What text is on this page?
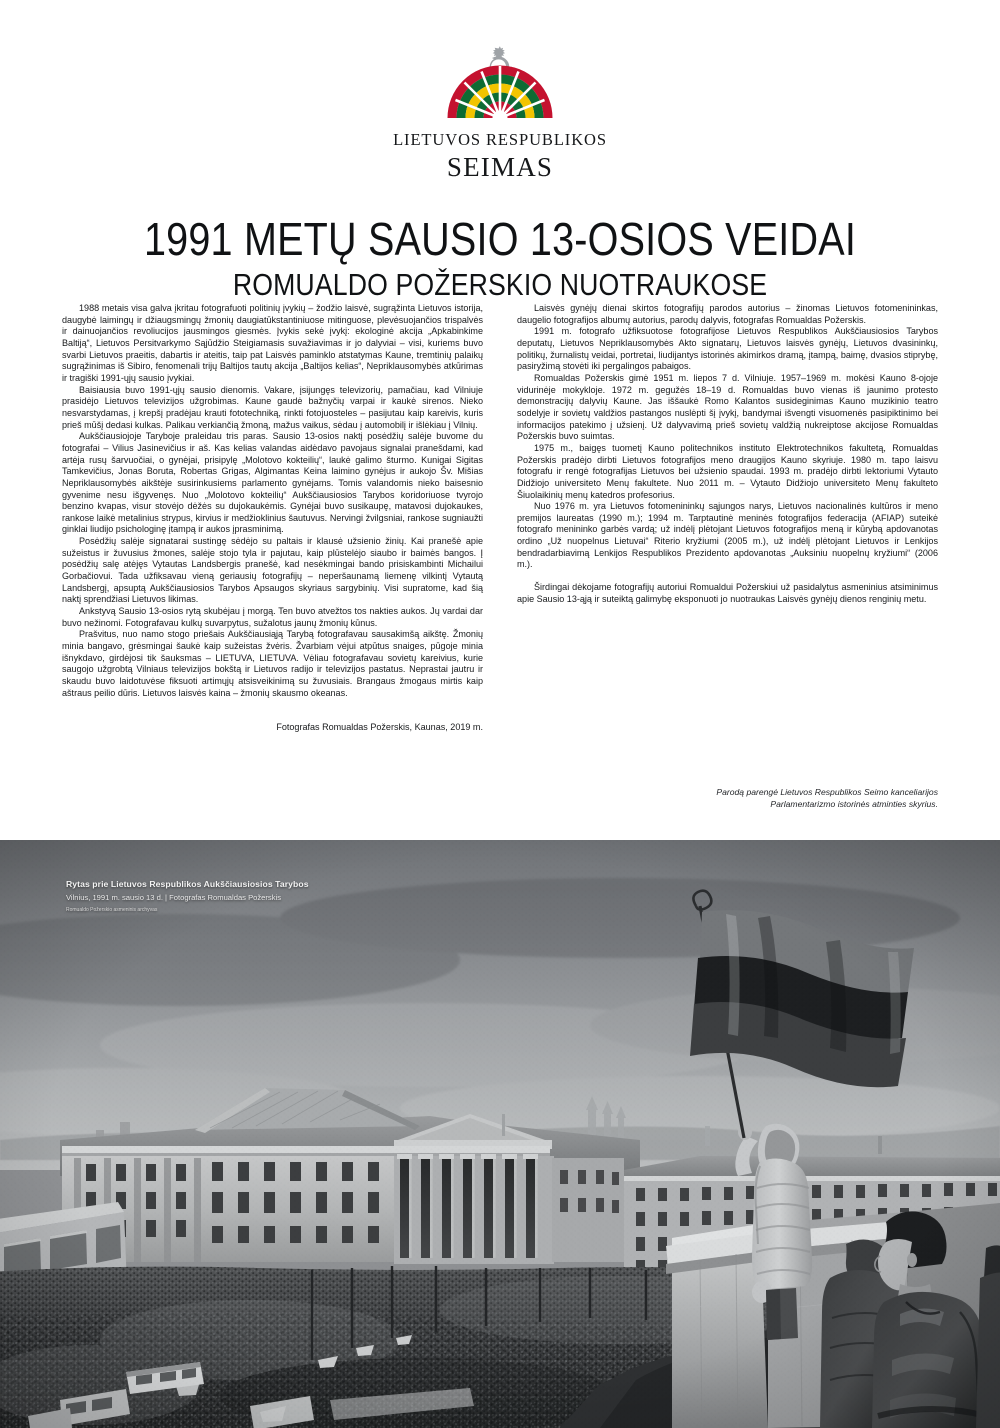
LIETUVOS RESPUBLIKOS
SEIMAS
1991 METŲ SAUSIO 13-OSIOS VEIDAI
ROMUALDO POŽERSKIO NUOTRAUKOSE

1988 metais visa galva įkritau fotografuoti politinių įvykių – žodžio laisvė, sugrąžinta Lietuvos istorija, daugybė laimingų ir džiaugsmingų žmonių daugiatūkstantiniuose mitinguose, plevėsuojančios trispalvės ir dainuojančios revoliucijos jausmingos giesmės. Įvykis sekė įvykį: ekologinė akcija „Apkabinkime Baltiją“, Lietuvos Persitvarkymo Sąjūdžio Steigiamasis suvažiavimas ir jo dalyviai – visi, kuriems buvo svarbi Lietuvos praeitis, dabartis ir ateitis, taip pat Laisvės paminklo atstatymas Kaune, tremtinių palaikų sugrąžinimas iš Sibiro, fenomenali trijų Baltijos tautų akcija „Baltijos kelias“, Nepriklausomybės atkūrimas ir tragiški 1991-ųjų sausio įvykiai.

Baisiausia buvo 1991-ųjų sausio dienomis. Vakare, įsijungęs televizorių, pamačiau, kad Vilniuje prasidėjo Lietuvos televizijos užgrobimas. Kaune gaudė bažnyčių varpai ir kaukė sirenos. Nieko nesvarstydamas, į krepšį pradėjau krauti fototechniką, rinkti fotojuosteles – pasijutau kaip kareivis, kuris prieš mūšį dedasi kulkas. Palikau verkiančią žmoną, mažus vaikus, sėdau į automobilį ir išlėkiau į Vilnių.

Aukščiausiojoje Taryboje praleidau tris paras. Sausio 13-osios naktį posėdžių salėje buvome du fotografai – Vilius Jasinevičius ir aš. Kas kelias valandas aidėdavo pavojaus signalai pranešdami, kad artėja rusų šarvuočiai, o gynėjai, prisipylę „Molotovo kokteilių“, laukė galimo šturmo. Kunigai Sigitas Tamkevičius, Jonas Boruta, Robertas Grigas, Algimantas Keina laimino gynėjus ir aukojo Šv. Mišias Nepriklausomybės aikštėje susirinkusiems parlamento gynėjams. Tomis valandomis nieko baisesnio gyvenime nesu išgyvenęs. Nuo „Molotovo kokteilių“ Aukščiausiosios Tarybos koridoriuose tvyrojo benzino kvapas, visur stovėjo dėžės su dujokaukėmis. Gynėjai buvo susikaupę, matavosi dujokaukes, rankose laikė metalinius strypus, kirvius ir medžioklinius šautuvus. Nervingi žvilgsniai, rankose sugniaužti ginklai liudijo psichologinę įtampą ir aukos įprasminimą.

Posėdžių salėje signatarai sustingę sėdėjo su paltais ir klausė užsienio žinių. Kai pranešė apie sužeistus ir žuvusius žmones, salėje stojo tyla ir pajutau, kaip plūstelėjo siaubo ir baimės bangos. Į posėdžių salę atėjęs Vytautas Landsbergis pranešė, kad nesėkmingai bando prisiskambinti Michailui Gorbačiovui. Tada užfiksavau vieną geriausių fotografijų – neperšaunamą liemenę vilkintį Vytautą Landsbergį, apsuptą Aukščiausiosios Tarybos Apsaugos skyriaus sargybinių. Visi supratome, kad šią naktį sprendžiasi Lietuvos likimas.

Ankstyvą Sausio 13-osios rytą skubėjau į morgą. Ten buvo atvežtos tos nakties aukos. Jų vardai dar buvo nežinomi. Fotografavau kulkų suvarpytus, sužalotus jaunų žmonių kūnus.

Prašvitus, nuo namo stogo priešais Aukščiausiąją Tarybą fotografavau sausakimšą aikštę. Žmonių minia bangavo, grėsmingai šaukė kaip sužeistas žvėris. Žvarbiam vėjui atpūtus snaiges, pūgoje minia išnykdavo, girdėjosi tik šauksmas – LIETUVA, LIETUVA. Vėliau fotografavau sovietų kareivius, kurie saugojo užgrobtą Vilniaus televizijos bokštą ir Lietuvos radijo ir televizijos pastatus. Neprastai jautru ir skaudu buvo laidotuvėse fiksuoti artimųjų atsisveikinimą su žuvusiais. Brangaus žmogaus mirtis kaip aštraus peilio dūris. Lietuvos laisvės kaina – žmonių skausmo okeanas.

Fotografas Romualdas Požerskis, Kaunas, 2019 m.

Laisvės gynėjų dienai skirtos fotografijų parodos autorius – žinomas Lietuvos fotomenininkas, daugelio fotografijos albumų autorius, parodų dalyvis, fotografas Romualdas Požerskis.

1991 m. fotografo užfiksuotose fotografijose Lietuvos Respublikos Aukščiausiosios Tarybos deputatų, Lietuvos Nepriklausomybės Akto signatarų, Lietuvos laisvės gynėjų, Lietuvos dvasininkų, politikų, žurnalistų veidai, portretai, liudijantys istorinės akimirkos dramą, įtampą, baimę, dvasios stiprybę, pasiryžimą stovėti iki pergalingos pabaigos.

Romualdas Požerskis gimė 1951 m. liepos 7 d. Vilniuje. 1957–1969 m. mokėsi Kauno 8-ojoje vidurinėje mokykloje. 1972 m. gegužės 18–19 d. Romualdas buvo vienas iš jaunimo protesto demonstracijų dalyvių Kaune. Jas iššaukė Romo Kalantos susideginimas Kauno muzikinio teatro sodelyje ir sovietų valdžios pastangos nuslėpti šį įvykį, bandymai išvengti visuomenės pasipiktinimo bei informacijos patekimo į užsienį. Už dalyvavimą prieš sovietų valdžią nukreiptose akcijose Romualdas Požerskis buvo suimtas.

1975 m., baigęs tuometį Kauno politechnikos instituto Elektrotechnikos fakultetą, Romualdas Požerskis pradėjo dirbti Lietuvos fotografijos meno draugijos Kauno skyriuje. 1980 m. tapo laisvu fotografu ir rengė fotografijas Lietuvos bei užsienio spaudai. 1993 m. pradėjo dirbti lektoriumi Vytauto Didžiojo universiteto Menų fakultete. Nuo 2011 m. – Vytauto Didžiojo universiteto Menų fakulteto Šiuolaikinių menų katedros profesorius.

Nuo 1976 m. yra Lietuvos fotomenininkų sąjungos narys, Lietuvos nacionalinės kultūros ir meno premijos laureatas (1990 m.); 1994 m. Tarptautinė meninės fotografijos federacija (AFIAP) suteikė fotografo menininko garbės vardą; už indėlį plėtojant Lietuvos fotografijos meną ir kūrybą apdovanotas ordino „Už nuopelnus Lietuvai“ Riterio kryžiumi (2005 m.), už indėlį plėtojant Lietuvos ir Lenkijos bendradarbiavimą Lenkijos Respublikos Prezidento apdovanotas „Auksiniu nuopelnų kryžiumi“ (2006 m.).

Širdingai dėkojame fotografijų autoriui Romualdui Požerskiui už pasidalytus asmeninius atsiminimus apie Sausio 13-ąją ir suteiktą galimybę eksponuoti jo nuotraukas Laisvės gynėjų dienos renginių metu.

Parodą parengė Lietuvos Respublikos Seimo kanceliarijos

Parlamentarizmo istorinės atminties skyrius.

Rytas prie Lietuvos Respublikos Aukščiausiosios Tarybos

Vilnius, 1991 m. sausio 13 d. | Fotografas Romualdas Požerskis

Romualdo Požerskio asmeninis archyvas
